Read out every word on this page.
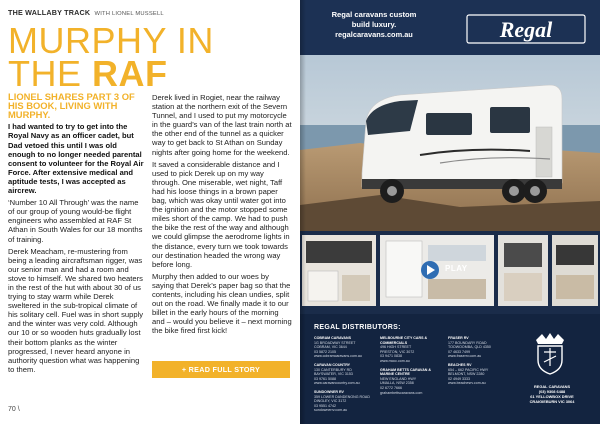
THE WALLABY TRACK WITH LIONEL MUSSELL
MURPHY IN
THE RAF
LIONEL SHARES PART 3 OF HIS BOOK, LIVING WITH MURPHY.
I had wanted to try to get into the Royal Navy as an officer cadet, but Dad vetoed this until I was old enough to no longer needed parental consent to volunteer for the Royal Air Force. After extensive medical and aptitude tests, I was accepted as aircrew.
‘Number 10 All Through’ was the name of our group of young would-be flight engineers who assembled at RAF St Athan in South Wales for our 18 months of training.
Derek Meacham, re-mustering from being a leading aircraftsman rigger, was our senior man and had a room and stove to himself. We shared two heaters in the rest of the hut with about 30 of us trying to stay warm while Derek sweltered in the sub-tropical climate of his solitary cell. Fuel was in short supply and the winter was very cold. Although our 10 or so wooden huts gradually lost their bottom planks as the winter progressed, I never heard anyone in authority question what was happening to them.
Derek lived in Rogiet, near the railway station at the northern exit of the Severn Tunnel, and I used to put my motorcycle in the guard’s van of the last train north at the other end of the tunnel as a quicker way to get back to St Athan on Sunday nights after going home for the weekend.
It saved a considerable distance and I used to pick Derek up on my way through. One miserable, wet night, Taff had his loose things in a brown paper bag, which was okay until water got into the ignition and the motor stopped some miles short of the camp. We had to push the bike the rest of the way and although we could glimpse the aerodrome lights in the distance, every turn we took towards our destination headed the wrong way before long.
Murphy then added to our woes by saying that Derek’s paper bag so that the contents, including his clean undies, split out on the road. We finally made it to our billet in the early hours of the morning and – would you believe it – next morning the bike fired first kick!
+ READ FULL STORY
70 \
Regal caravans custom
build luxury.
regalcaravans.com.au	Regal
PLAY
REGAL DISTRIBUTORS:
COBRAM CARAVANS
1G BROADWAY STREET
COBRAM, VIC 3644
03 5872 2105
www.cobramcaravans.com.au
CARAVAN COUNTRY
130 CANTERBURY RD
BAYSWATER, VIC 3153
03 9761 5088
www.caravancountry.com.au
SUNDOWNER RV
359 LOWER DANDENONG ROAD
DINGLEY, VIC 3172
03 9551 4742
sundownerrv.com.au
MELBOURNE CITY CARS & COMMERCIALS
496 HIGH STREET
PRESTON, VIC 3072
03 9471 0838
www.mccc.com.au
GRAHAM BETTS CARAVAN & MARINE CENTRE
NEW ENGLAND HWY
UMALLA, NSW 2358
02 6772 7666
grahambettscaravans.com
FRASER RV
177 BOUNDARY ROAD
TOOWOOMBA, QLD 4350
07 4633 7499
www.fraserrv.com.au
BEACHES RV
654 – 662 PACIFIC HWY
BELMONT, NSW 2280
02 4949 3333
www.beachesrv.com.au
REGAL CARAVANS
(03) 9308 6488
61 YELLOWBOX DRIVE
CRAIGIEBURN VIC 3064
